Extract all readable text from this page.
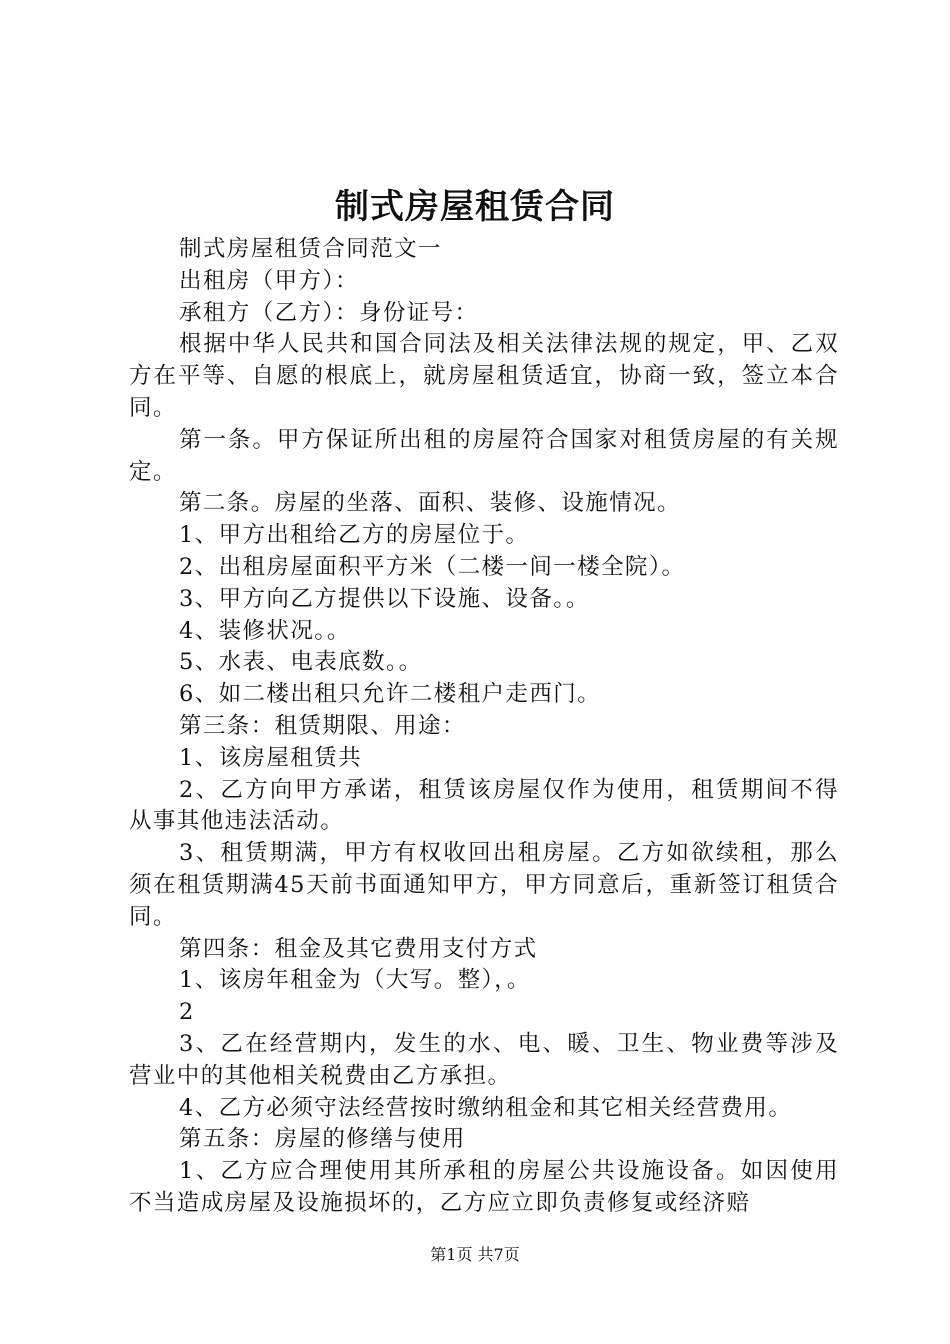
制式房屋租赁合同

制式房屋租赁合同范文一

出租房（甲方）：

承租方（乙方）：身份证号：

根据中华人民共和国合同法及相关法律法规的规定，甲、乙双方在平等、自愿的根底上，就房屋租赁适宜，协商一致，签立本合同。

第一条。甲方保证所出租的房屋符合国家对租赁房屋的有关规定。

第二条。房屋的坐落、面积、装修、设施情况。

1、甲方出租给乙方的房屋位于。

2、出租房屋面积平方米（二楼一间一楼全院）。

3、甲方向乙方提供以下设施、设备。。

4、装修状况。。

5、水表、电表底数。。

6、如二楼出租只允许二楼租户走西门。

第三条：租赁期限、用途：

1、该房屋租赁共

2、乙方向甲方承诺，租赁该房屋仅作为使用，租赁期间不得从事其他违法活动。

3、租赁期满，甲方有权收回出租房屋。乙方如欲续租，那么须在租赁期满45天前书面通知甲方，甲方同意后，重新签订租赁合同。

第四条：租金及其它费用支付方式

1、该房年租金为（大写。整），。

2

3、乙在经营期内，发生的水、电、暖、卫生、物业费等涉及营业中的其他相关税费由乙方承担。

4、乙方必须守法经营按时缴纳租金和其它相关经营费用。

第五条：房屋的修缮与使用

1、乙方应合理使用其所承租的房屋公共设施设备。如因使用不当造成房屋及设施损坏的，乙方应立即负责修复或经济赔

第1页 共7页
